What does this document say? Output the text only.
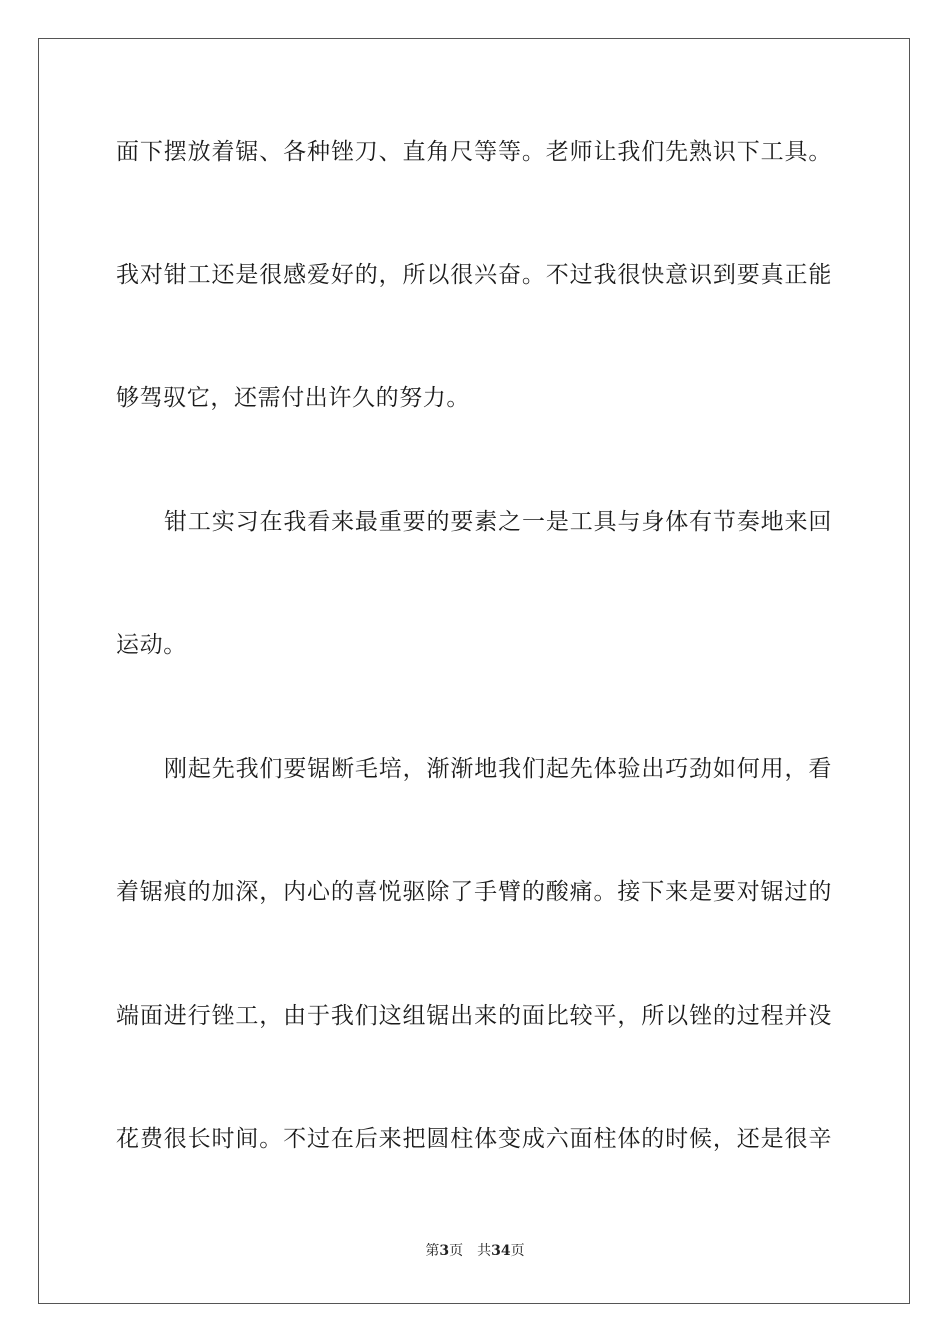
面下摆放着锯、各种锉刀、直角尺等等。老师让我们先熟识下工具。
我对钳工还是很感爱好的，所以很兴奋。不过我很快意识到要真正能
够驾驭它，还需付出许久的努力。
钳工实习在我看来最重要的要素之一是工具与身体有节奏地来回
运动。
刚起先我们要锯断毛培，渐渐地我们起先体验出巧劲如何用，看
着锯痕的加深，内心的喜悦驱除了手臂的酸痛。接下来是要对锯过的
端面进行锉工，由于我们这组锯出来的面比较平，所以锉的过程并没
花费很长时间。不过在后来把圆柱体变成六面柱体的时候，还是很辛
第3页 共34页
